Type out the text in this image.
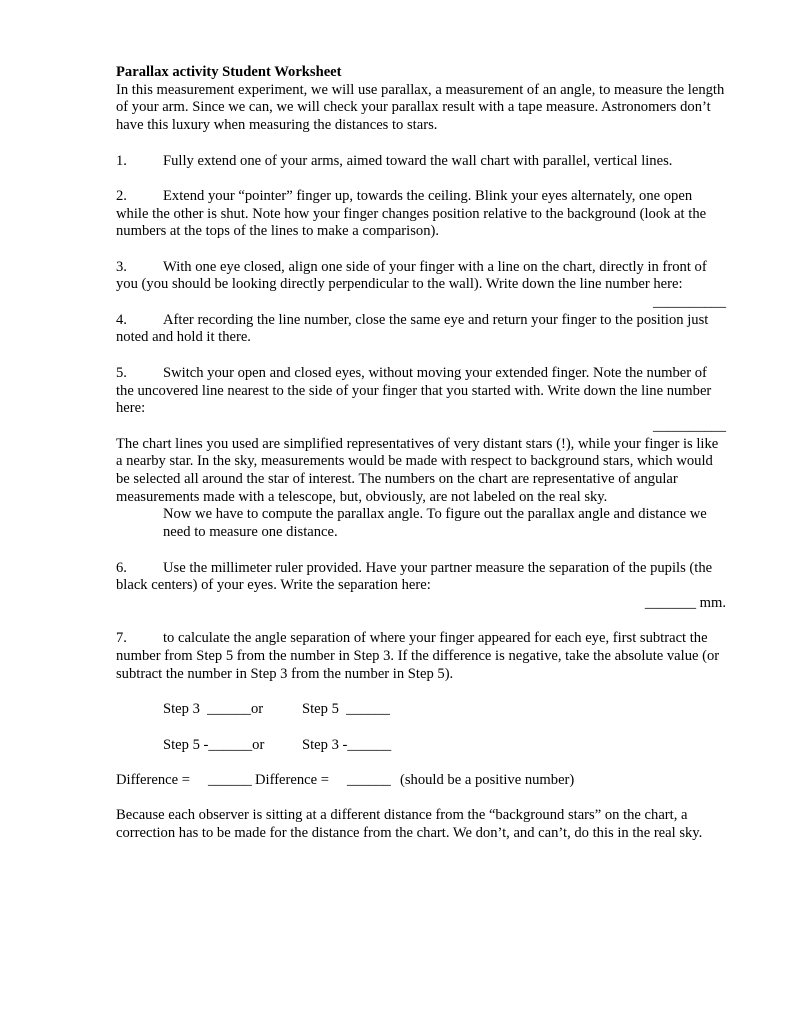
Parallax activity Student Worksheet

In this measurement experiment, we will use parallax, a measurement of an angle, to measure the length of your arm. Since we can, we will check your parallax result with a tape measure. Astronomers don’t have this luxury when measuring the distances to stars.

1. Fully extend one of your arms, aimed toward the wall chart with parallel, vertical lines.

2. Extend your “pointer” finger up, towards the ceiling. Blink your eyes alternately, one open while the other is shut. Note how your finger changes position relative to the background (look at the numbers at the tops of the lines to make a comparison).

3. With one eye closed, align one side of your finger with a line on the chart, directly in front of you (you should be looking directly perpendicular to the wall). Write down the line number here:

__________

4. After recording the line number, close the same eye and return your finger to the position just noted and hold it there.

5. Switch your open and closed eyes, without moving your extended finger. Note the number of the uncovered line nearest to the side of your finger that you started with. Write down the line number here:

__________

The chart lines you used are simplified representatives of very distant stars (!), while your finger is like a nearby star. In the sky, measurements would be made with respect to background stars, which would be selected all around the star of interest. The numbers on the chart are representative of angular measurements made with a telescope, but, obviously, are not labeled on the real sky.

Now we have to compute the parallax angle. To figure out the parallax angle and distance we need to measure one distance.

6. Use the millimeter ruler provided. Have your partner measure the separation of the pupils (the black centers) of your eyes. Write the separation here:

_______ mm.

7. to calculate the angle separation of where your finger appeared for each eye, first subtract the number from Step 5 from the number in Step 3. If the difference is negative, take the absolute value (or subtract the number in Step 3 from the number in Step 5).

Step 3  ______or	Step 5  ______

Step 5 -______or	Step 3 -______

Difference = ______ Difference = ______ (should be a positive number)

Because each observer is sitting at a different distance from the “background stars” on the chart, a correction has to be made for the distance from the chart. We don’t, and can’t, do this in the real sky.
